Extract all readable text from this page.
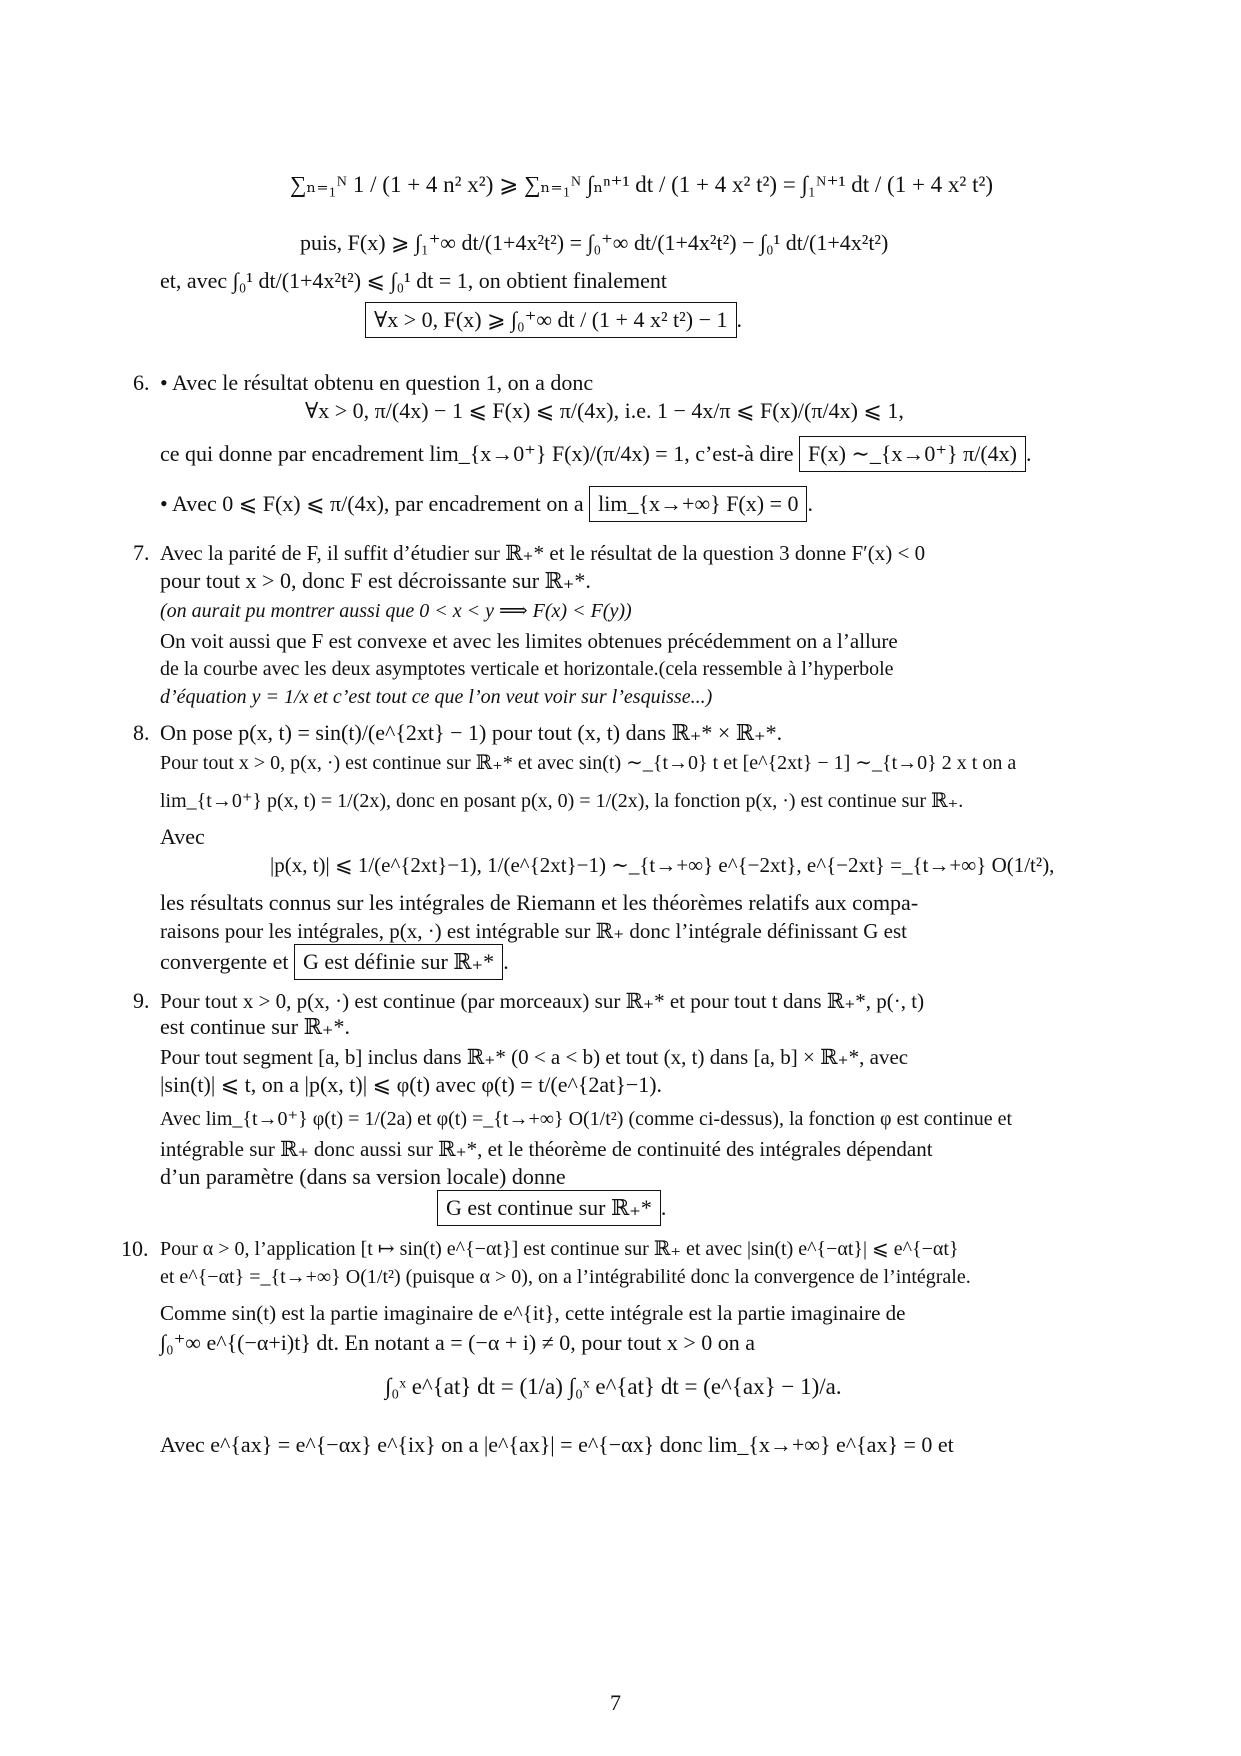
∑ₙ₌₁ᴺ 1 / (1 + 4 n² x²) ⩾ ∑ₙ₌₁ᴺ ∫ₙⁿ⁺¹ dt / (1 + 4 x² t²) = ∫₁ᴺ⁺¹ dt / (1 + 4 x² t²)
puis, F(x) ⩾ ∫₁⁺∞ dt/(1+4x²t²) = ∫₀⁺∞ dt/(1+4x²t²) − ∫₀¹ dt/(1+4x²t²)
et, avec ∫₀¹ dt/(1+4x²t²) ⩽ ∫₀¹ dt = 1, on obtient finalement
∀x > 0, F(x) ⩾ ∫₀⁺∞ dt / (1 + 4 x² t²) − 1 .
6. • Avec le résultat obtenu en question 1, on a donc
∀x > 0, π/(4x) − 1 ⩽ F(x) ⩽ π/(4x), i.e. 1 − 4x/π ⩽ F(x)/(π/4x) ⩽ 1,
ce qui donne par encadrement lim_{x→0⁺} F(x)/(π/4x) = 1, c’est-à dire F(x) ∼_{x→0⁺} π/(4x) .
• Avec 0 ⩽ F(x) ⩽ π/(4x), par encadrement on a lim_{x→+∞} F(x) = 0 .
7. Avec la parité de F, il suffit d’étudier sur ℝ₊* et le résultat de la question 3 donne F′(x) < 0
pour tout x > 0, donc F est décroissante sur ℝ₊*.
(on aurait pu montrer aussi que 0 < x < y ⟹ F(x) < F(y))
On voit aussi que F est convexe et avec les limites obtenues précédemment on a l’allure
de la courbe avec les deux asymptotes verticale et horizontale.(cela ressemble à l’hyperbole
d’équation y = 1/x et c’est tout ce que l’on veut voir sur l’esquisse...)
8. On pose p(x, t) = sin(t)/(e^{2xt} − 1) pour tout (x, t) dans ℝ₊* × ℝ₊*.
Pour tout x > 0, p(x, ·) est continue sur ℝ₊* et avec sin(t) ∼_{t→0} t et [e^{2xt} − 1] ∼_{t→0} 2 x t on a
lim_{t→0⁺} p(x, t) = 1/(2x), donc en posant p(x, 0) = 1/(2x), la fonction p(x, ·) est continue sur ℝ₊.
Avec
|p(x, t)| ⩽ 1/(e^{2xt}−1), 1/(e^{2xt}−1) ∼_{t→+∞} e^{−2xt}, e^{−2xt} =_{t→+∞} O(1/t²),
les résultats connus sur les intégrales de Riemann et les théorèmes relatifs aux compa-
raisons pour les intégrales, p(x, ·) est intégrable sur ℝ₊ donc l’intégrale définissant G est
convergente et G est définie sur ℝ₊* .
9. Pour tout x > 0, p(x, ·) est continue (par morceaux) sur ℝ₊* et pour tout t dans ℝ₊*, p(·, t)
est continue sur ℝ₊*.
Pour tout segment [a, b] inclus dans ℝ₊* (0 < a < b) et tout (x, t) dans [a, b] × ℝ₊*, avec
|sin(t)| ⩽ t, on a |p(x, t)| ⩽ φ(t) avec φ(t) = t/(e^{2at}−1).
Avec lim_{t→0⁺} φ(t) = 1/(2a) et φ(t) =_{t→+∞} O(1/t²) (comme ci-dessus), la fonction φ est continue et
intégrable sur ℝ₊ donc aussi sur ℝ₊*, et le théorème de continuité des intégrales dépendant
d’un paramètre (dans sa version locale) donne
G est continue sur ℝ₊* .
10. Pour α > 0, l’application [t ↦ sin(t) e^{−αt}] est continue sur ℝ₊ et avec |sin(t) e^{−αt}| ⩽ e^{−αt}
et e^{−αt} =_{t→+∞} O(1/t²) (puisque α > 0), on a l’intégrabilité donc la convergence de l’intégrale.
Comme sin(t) est la partie imaginaire de e^{it}, cette intégrale est la partie imaginaire de
∫₀⁺∞ e^{(−α+i)t} dt. En notant a = (−α + i) ≠ 0, pour tout x > 0 on a
∫₀ˣ e^{at} dt = (1/a) ∫₀ˣ e^{at} dt = (e^{ax} − 1)/a.
Avec e^{ax} = e^{−αx} e^{ix} on a |e^{ax}| = e^{−αx} donc lim_{x→+∞} e^{ax} = 0 et
7
